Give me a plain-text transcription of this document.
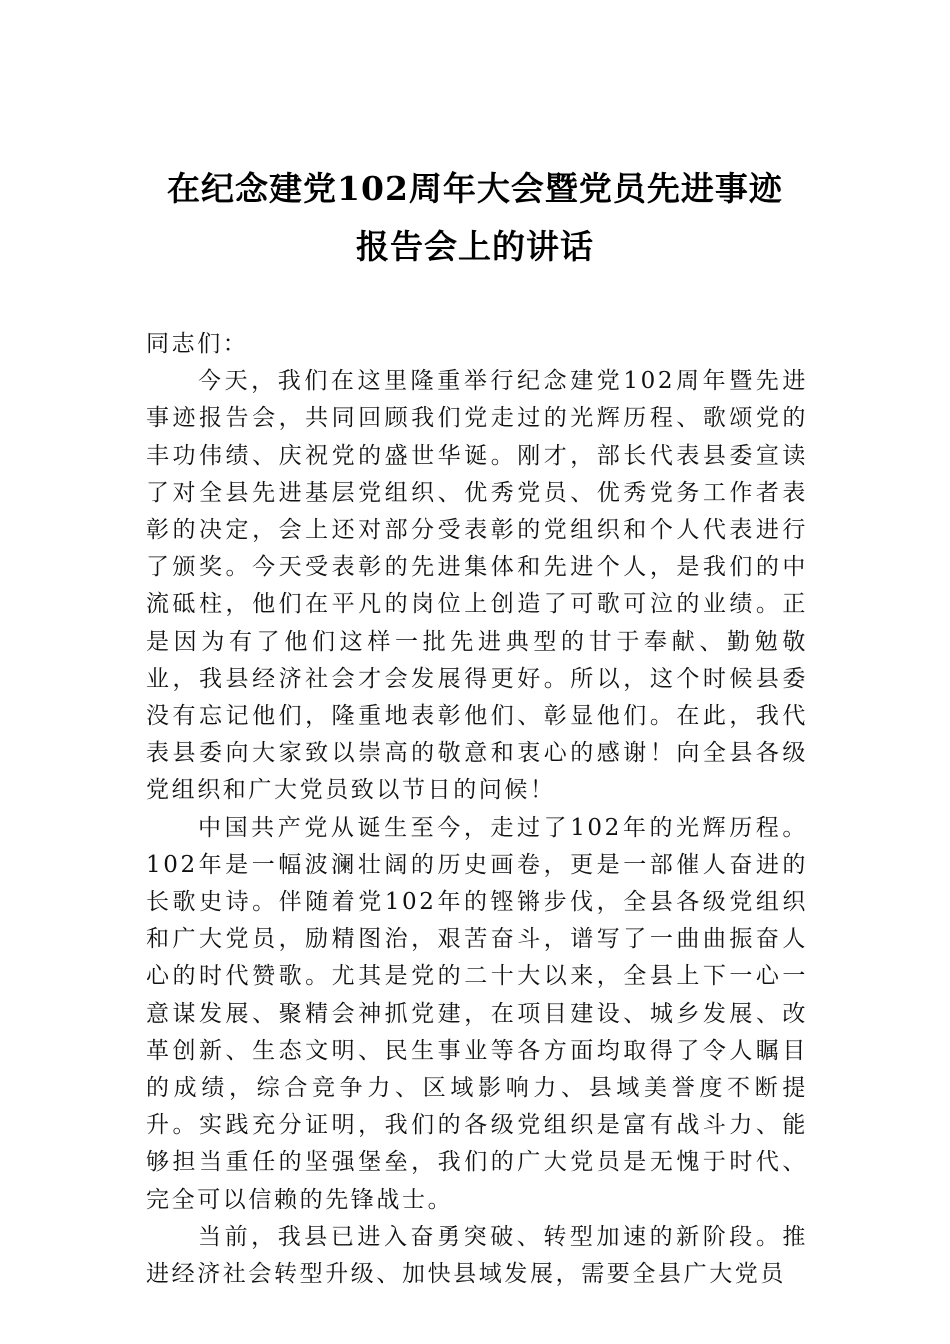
在纪念建党102周年大会暨党员先进事迹
报告会上的讲话

同志们：

今天，我们在这里隆重举行纪念建党102周年暨先进事迹报告会，共同回顾我们党走过的光辉历程、歌颂党的丰功伟绩、庆祝党的盛世华诞。刚才，部长代表县委宣读了对全县先进基层党组织、优秀党员、优秀党务工作者表彰的决定，会上还对部分受表彰的党组织和个人代表进行了颁奖。今天受表彰的先进集体和先进个人，是我们的中流砥柱，他们在平凡的岗位上创造了可歌可泣的业绩。正是因为有了他们这样一批先进典型的甘于奉献、勤勉敬业，我县经济社会才会发展得更好。所以，这个时候县委没有忘记他们，隆重地表彰他们、彰显他们。在此，我代表县委向大家致以崇高的敬意和衷心的感谢！向全县各级党组织和广大党员致以节日的问候！

中国共产党从诞生至今，走过了102年的光辉历程。102年是一幅波澜壮阔的历史画卷，更是一部催人奋进的长歌史诗。伴随着党102年的铿锵步伐，全县各级党组织和广大党员，励精图治，艰苦奋斗，谱写了一曲曲振奋人心的时代赞歌。尤其是党的二十大以来，全县上下一心一意谋发展、聚精会神抓党建，在项目建设、城乡发展、改革创新、生态文明、民生事业等各方面均取得了令人瞩目的成绩，综合竞争力、区域影响力、县域美誉度不断提升。实践充分证明，我们的各级党组织是富有战斗力、能够担当重任的坚强堡垒，我们的广大党员是无愧于时代、完全可以信赖的先锋战士。

当前，我县已进入奋勇突破、转型加速的新阶段。推进经济社会转型升级、加快县域发展，需要全县广大党员
